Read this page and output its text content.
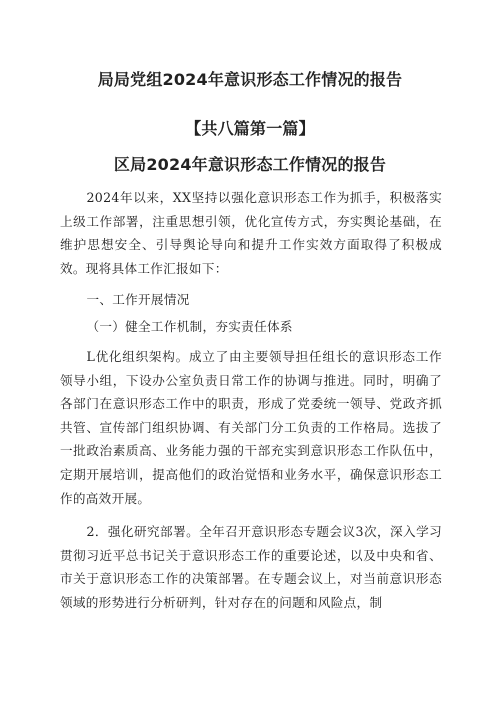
局局党组2024年意识形态工作情况的报告
【共八篇第一篇】
区局2024年意识形态工作情况的报告

2024年以来，XX坚持以强化意识形态工作为抓手，积极落实上级工作部署，注重思想引领，优化宣传方式，夯实舆论基础，在维护思想安全、引导舆论导向和提升工作实效方面取得了积极成效。现将具体工作汇报如下：

一、工作开展情况

（一）健全工作机制，夯实责任体系

L优化组织架构。成立了由主要领导担任组长的意识形态工作领导小组，下设办公室负责日常工作的协调与推进。同时，明确了各部门在意识形态工作中的职责，形成了党委统一领导、党政齐抓共管、宣传部门组织协调、有关部门分工负责的工作格局。选拔了一批政治素质高、业务能力强的干部充实到意识形态工作队伍中，定期开展培训，提高他们的政治觉悟和业务水平，确保意识形态工作的高效开展。

2．强化研究部署。全年召开意识形态专题会议3次，深入学习贯彻习近平总书记关于意识形态工作的重要论述，以及中央和省、市关于意识形态工作的决策部署。在专题会议上，对当前意识形态领域的形势进行分析研判，针对存在的问题和风险点，制
